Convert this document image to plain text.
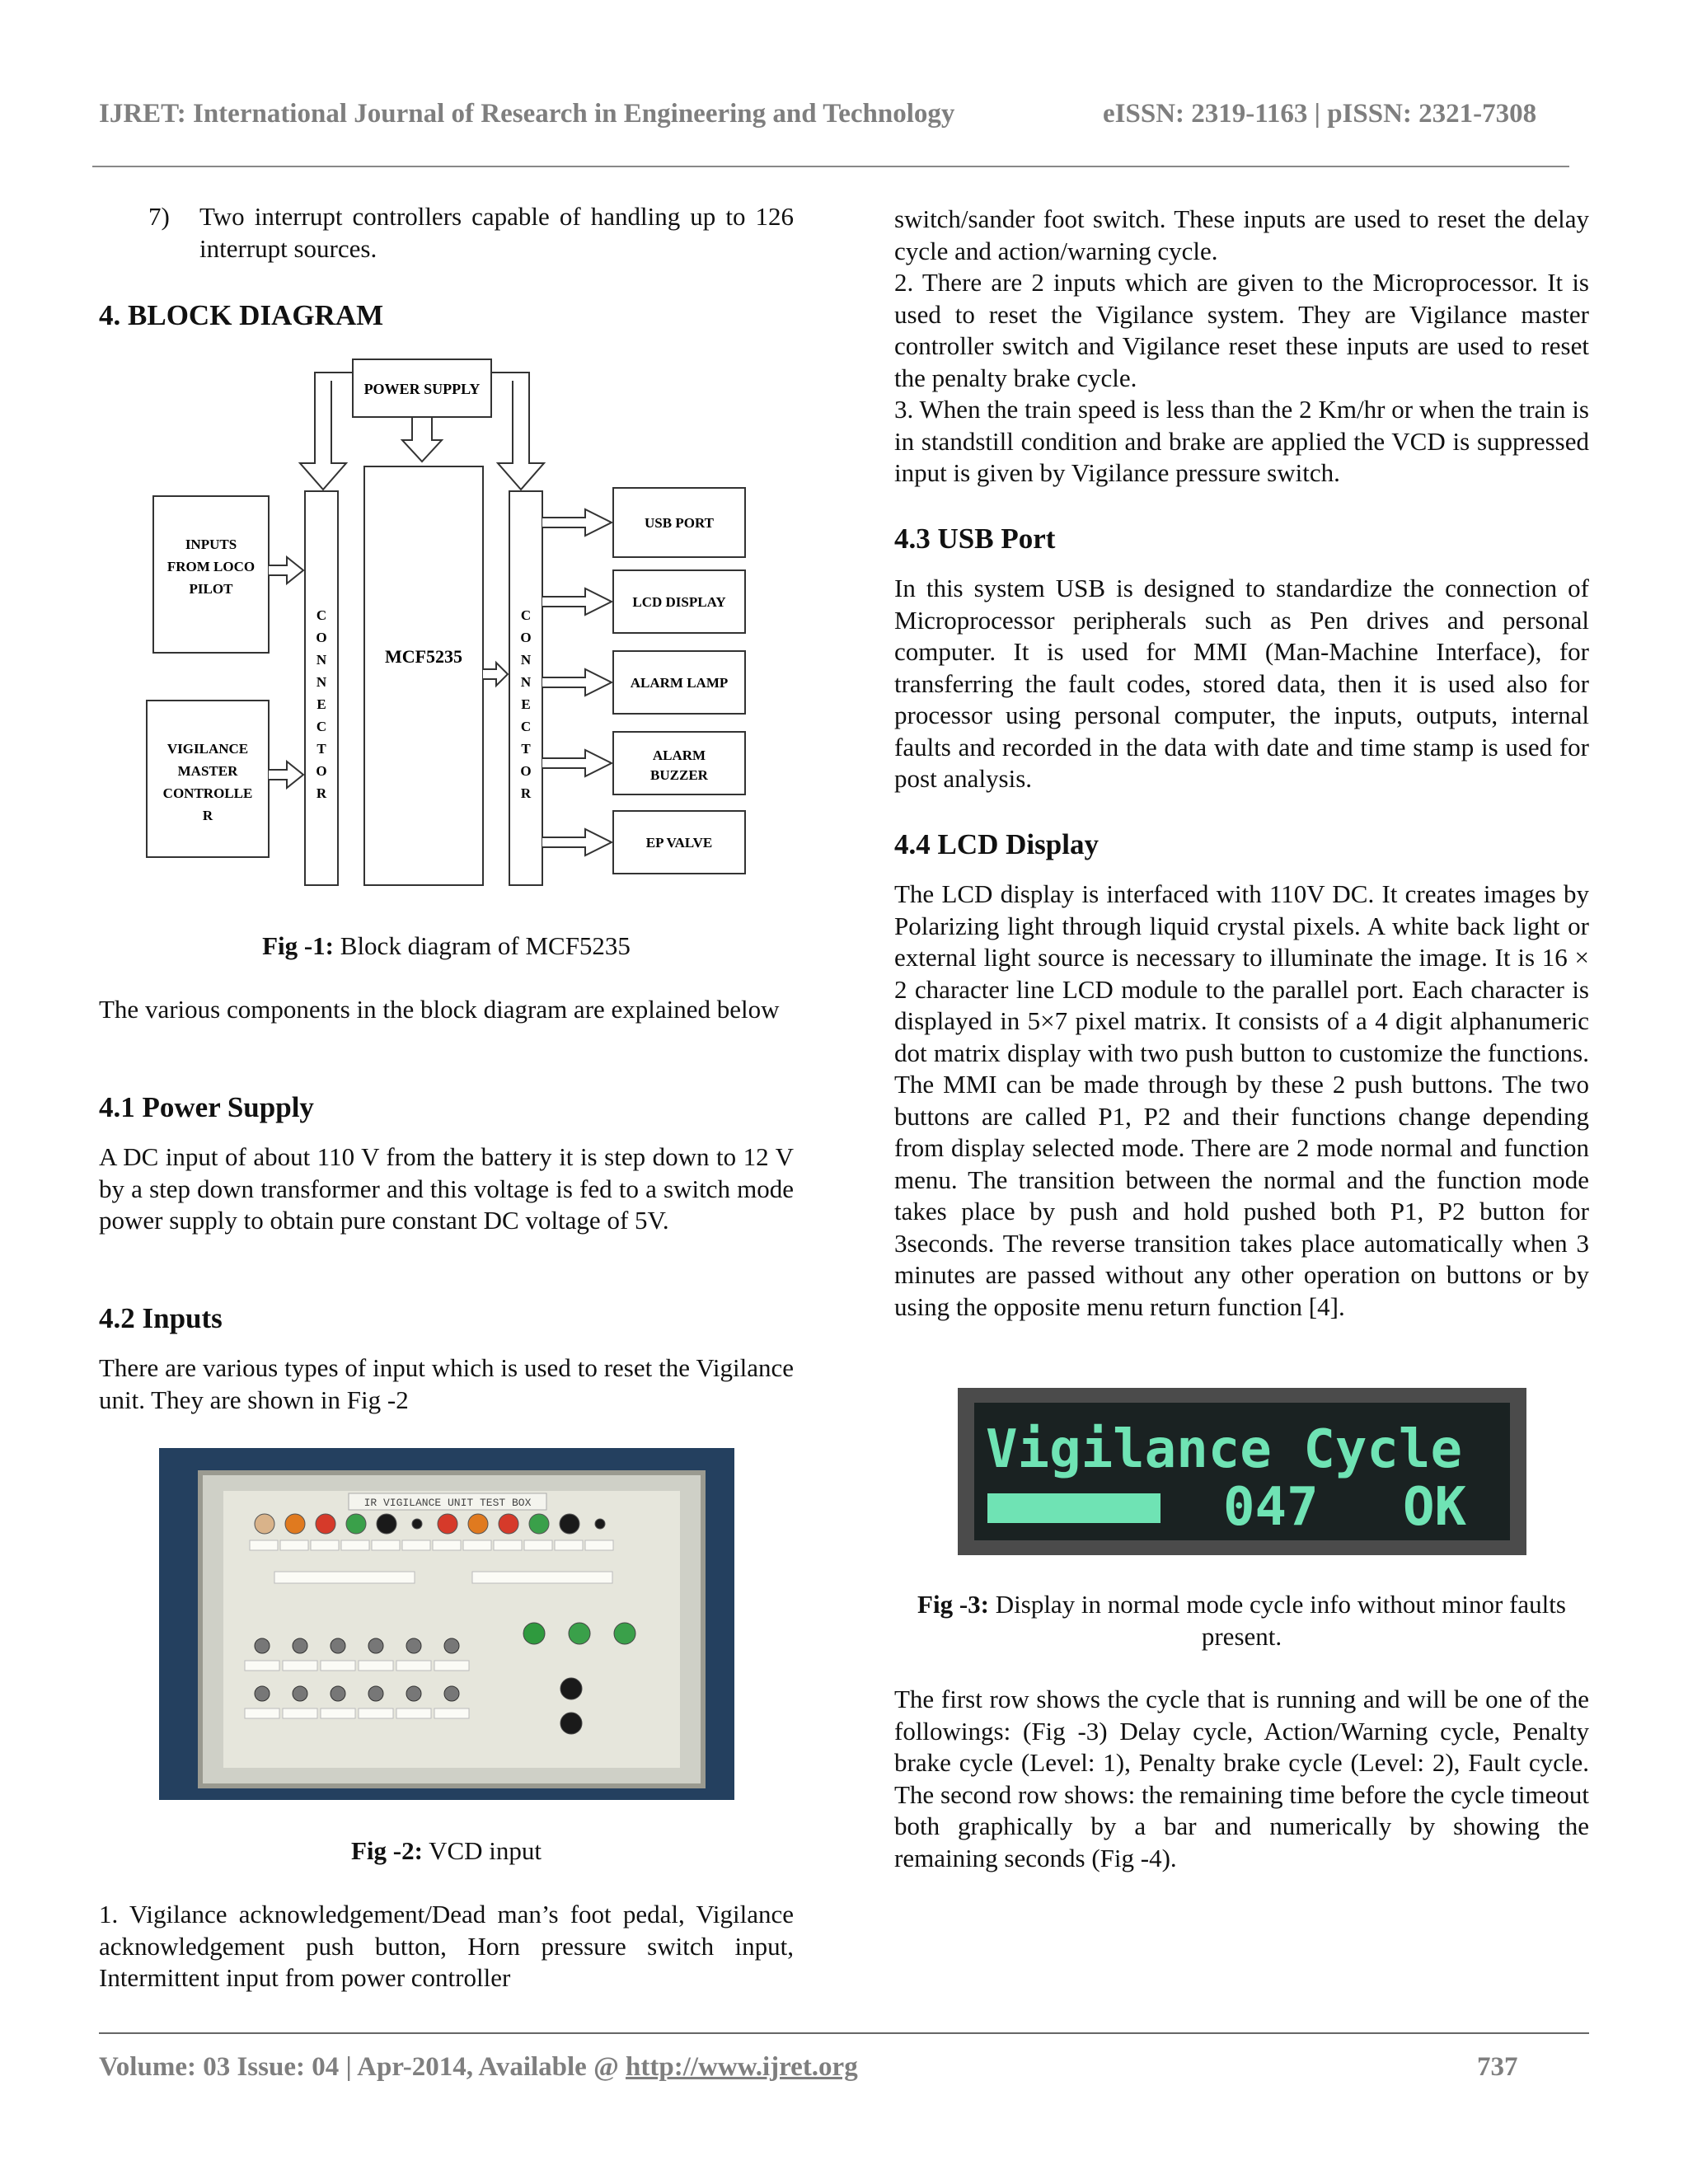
IJRET: International Journal of Research in Engineering and Technology	eISSN: 2319-1163 | pISSN: 2321-7308
7) Two interrupt controllers capable of handling up to 126 interrupt sources.
4. BLOCK DIAGRAM
POWER SUPPLY
C
O
N
N
E
C
T
O
R
C
O
N
N
E
C
T
O
R
MCF5235
INPUTS
FROM LOCO
PILOT
VIGILANCE
MASTER
CONTROLLE
R
USB PORT
LCD DISPLAY
ALARM LAMP
ALARM
BUZZER
EP VALVE
Fig -1: Block diagram of MCF5235

The various components in the block diagram are explained below

4.1 Power Supply

A DC input of about 110 V from the battery it is step down to 12 V by a step down transformer and this voltage is fed to a switch mode power supply to obtain pure constant DC voltage of 5V.

4.2 Inputs

There are various types of input which is used to reset the Vigilance unit. They are shown in Fig -2

IR VIGILANCE UNIT TEST BOX
Fig -2: VCD input

1. Vigilance acknowledgement/Dead man’s foot pedal, Vigilance acknowledgement push button, Horn pressure switch input, Intermittent input from power controller

switch/sander foot switch. These inputs are used to reset the delay cycle and action/warning cycle.

2. There are 2 inputs which are given to the Microprocessor. It is used to reset the Vigilance system. They are Vigilance master controller switch and Vigilance reset these inputs are used to reset the penalty brake cycle.

3. When the train speed is less than the 2 Km/hr or when the train is in standstill condition and brake are applied the VCD is suppressed input is given by Vigilance pressure switch.

4.3 USB Port

In this system USB is designed to standardize the connection of Microprocessor peripherals such as Pen drives and personal computer. It is used for MMI (Man-Machine Interface), for transferring the fault codes, stored data, then it is used also for processor using personal computer, the inputs, outputs, internal faults and recorded in the data with date and time stamp is used for post analysis.

4.4 LCD Display

The LCD display is interfaced with 110V DC. It creates images by Polarizing light through liquid crystal pixels. A white back light or external light source is necessary to illuminate the image. It is 16 × 2 character line LCD module to the parallel port. Each character is displayed in 5×7 pixel matrix. It consists of a 4 digit alphanumeric dot matrix display with two push button to customize the functions. The MMI can be made through by these 2 push buttons. The two buttons are called P1, P2 and their functions change depending from display selected mode. There are 2 mode normal and function menu. The transition between the normal and the function mode takes place by push and hold pushed both P1, P2 button for 3seconds. The reverse transition takes place automatically when 3 minutes are passed without any other operation on buttons or by using the opposite menu return function [4].

Vigilance Cycle
047 OK
Fig -3: Display in normal mode cycle info without minor faults present.

The first row shows the cycle that is running and will be one of the followings: (Fig -3) Delay cycle, Action/Warning cycle, Penalty brake cycle (Level: 1), Penalty brake cycle (Level: 2), Fault cycle. The second row shows: the remaining time before the cycle timeout both graphically by a bar and numerically by showing the remaining seconds (Fig -4).

Volume: 03 Issue: 04 | Apr-2014, Available @ http://www.ijret.org	737
